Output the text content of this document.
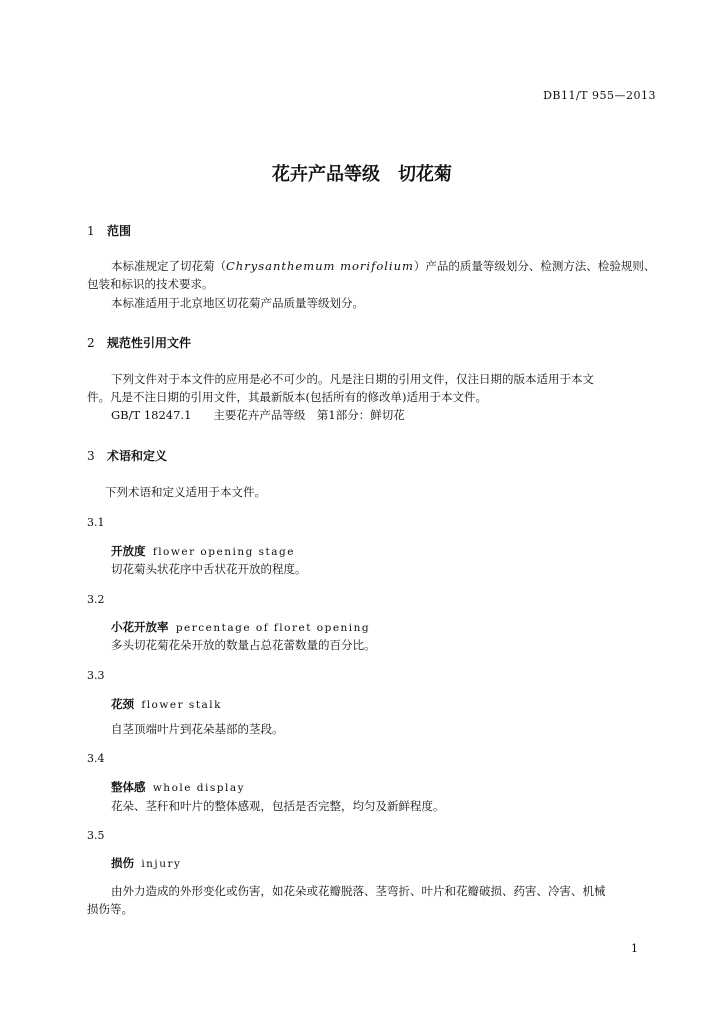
DB11/T 955—2013
花卉产品等级　切花菊
1 范围
本标准规定了切花菊（Chrysanthemum morifolium）产品的质量等级划分、检测方法、检验规则、
包装和标识的技术要求。
本标准适用于北京地区切花菊产品质量等级划分。
2 规范性引用文件
下列文件对于本文件的应用是必不可少的。凡是注日期的引用文件，仅注日期的版本适用于本文
件。凡是不注日期的引用文件，其最新版本(包括所有的修改单)适用于本文件。
GB/T 18247.1 主要花卉产品等级　第1部分：鲜切花
3 术语和定义
下列术语和定义适用于本文件。
3.1
开放度 flower opening stage
切花菊头状花序中舌状花开放的程度。
3.2
小花开放率 percentage of floret opening
多头切花菊花朵开放的数量占总花蕾数量的百分比。
3.3
花颈 flower stalk
自茎顶端叶片到花朵基部的茎段。
3.4
整体感 whole display
花朵、茎秆和叶片的整体感观，包括是否完整，均匀及新鲜程度。
3.5
损伤 injury
由外力造成的外形变化或伤害，如花朵或花瓣脱落、茎弯折、叶片和花瓣破损、药害、冷害、机械
损伤等。
1
